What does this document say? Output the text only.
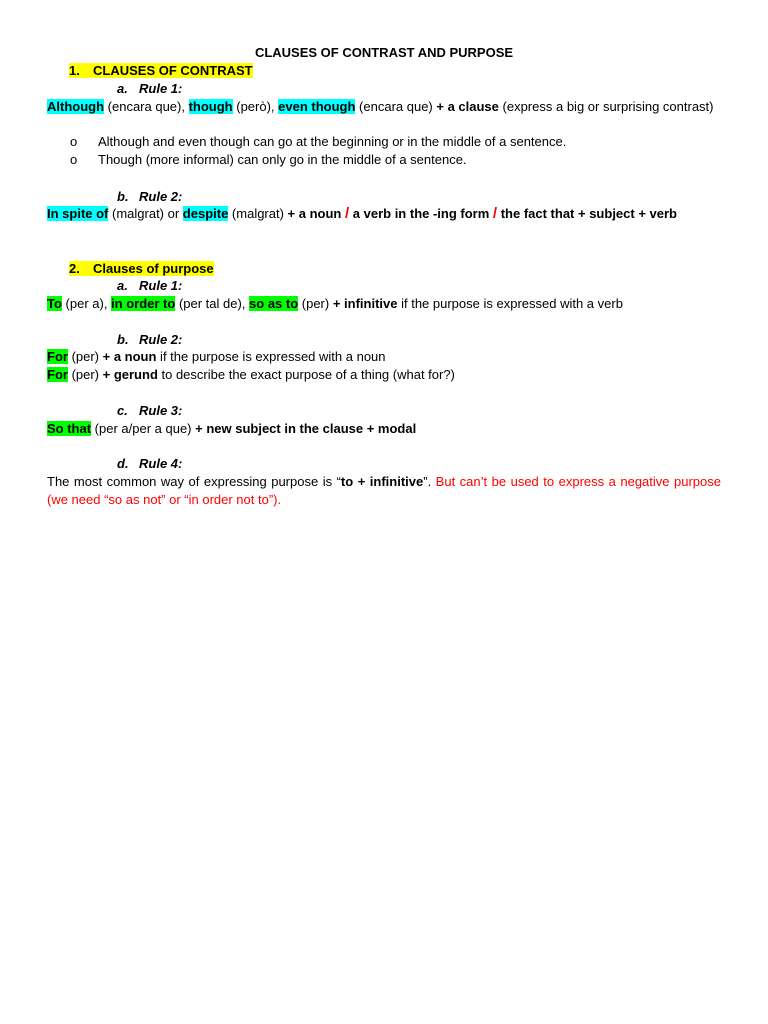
CLAUSES OF CONTRAST AND PURPOSE
1. CLAUSES OF CONTRAST
a. Rule 1:
Although (encara que), though (però), even though (encara que) + a clause (express a big or surprising contrast)
o Although and even though can go at the beginning or in the middle of a sentence.
o Though (more informal) can only go in the middle of a sentence.
b. Rule 2:
In spite of (malgrat) or despite (malgrat) + a noun / a verb in the -ing form / the fact that + subject + verb
2. Clauses of purpose
a. Rule 1:
To (per a), in order to (per tal de), so as to (per) + infinitive if the purpose is expressed with a verb
b. Rule 2:
For (per) + a noun if the purpose is expressed with a noun
For (per) + gerund to describe the exact purpose of a thing (what for?)
c. Rule 3:
So that (per a/per a que) + new subject in the clause + modal
d. Rule 4:
The most common way of expressing purpose is “to + infinitive”. But can’t be used to express a negative purpose (we need “so as not” or “in order not to”).
